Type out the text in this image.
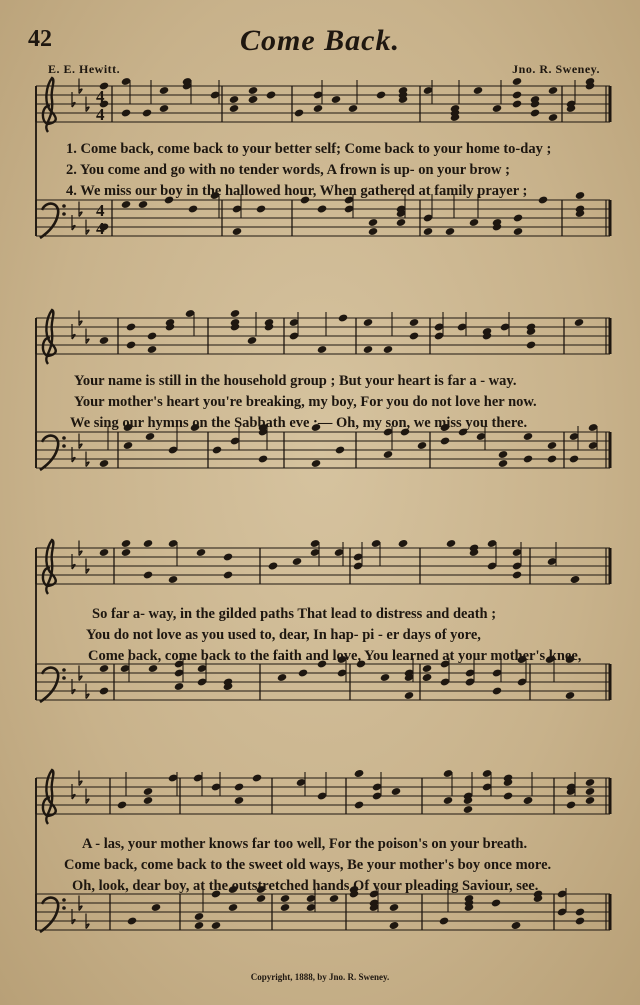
42	Come Back.
E. E. Hewitt.	Jno. R. Sweney.
4
4
4
4
1. Come back, come back to your better self; Come back to your home to-day ;
2. You come and go with no tender words, A frown is up- on your brow ;
4. We miss our boy in the hallowed hour, When gathered at family prayer ;
Your name is still in the household group ; But your heart is far a - way.
Your mother's heart you're breaking, my boy, For you do not love her now.
We sing our hymns on the Sabbath eve ;— Oh, my son, we miss you there.
So far a- way, in the gilded paths That lead to distress and death ;
You do not love as you used to, dear, In hap- pi - er days of yore,
Come back, come back to the faith and love, You learned at your mother's knee,
A - las, your mother knows far too well, For the poison's on your breath.
Come back, come back to the sweet old ways, Be your mother's boy once more.
Oh, look, dear boy, at the outstretched hands Of your pleading Saviour, see.
Copyright, 1888, by Jno. R. Sweney.
